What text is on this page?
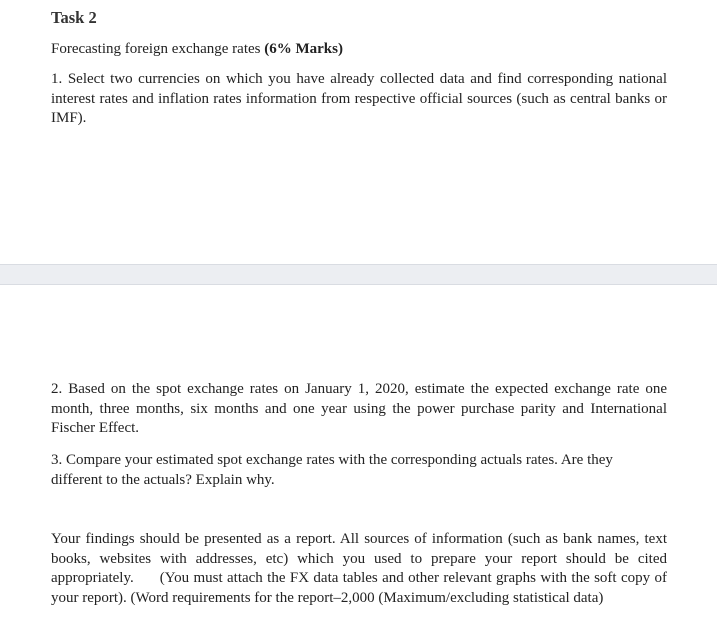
Task 2
Forecasting foreign exchange rates (6% Marks)
1. Select two currencies on which you have already collected data and find corresponding national interest rates and inflation rates information from respective official sources (such as central banks or IMF).
2. Based on the spot exchange rates on January 1, 2020, estimate the expected exchange rate one month, three months, six months and one year using the power purchase parity and International Fischer Effect.
3. Compare your estimated spot exchange rates with the corresponding actuals rates. Are they different to the actuals? Explain why.
Your findings should be presented as a report. All sources of information (such as bank names, text books, websites with addresses, etc) which you used to prepare your report should be cited appropriately. (You must attach the FX data tables and other relevant graphs with the soft copy of your report). (Word requirements for the report–2,000 (Maximum/excluding statistical data)
